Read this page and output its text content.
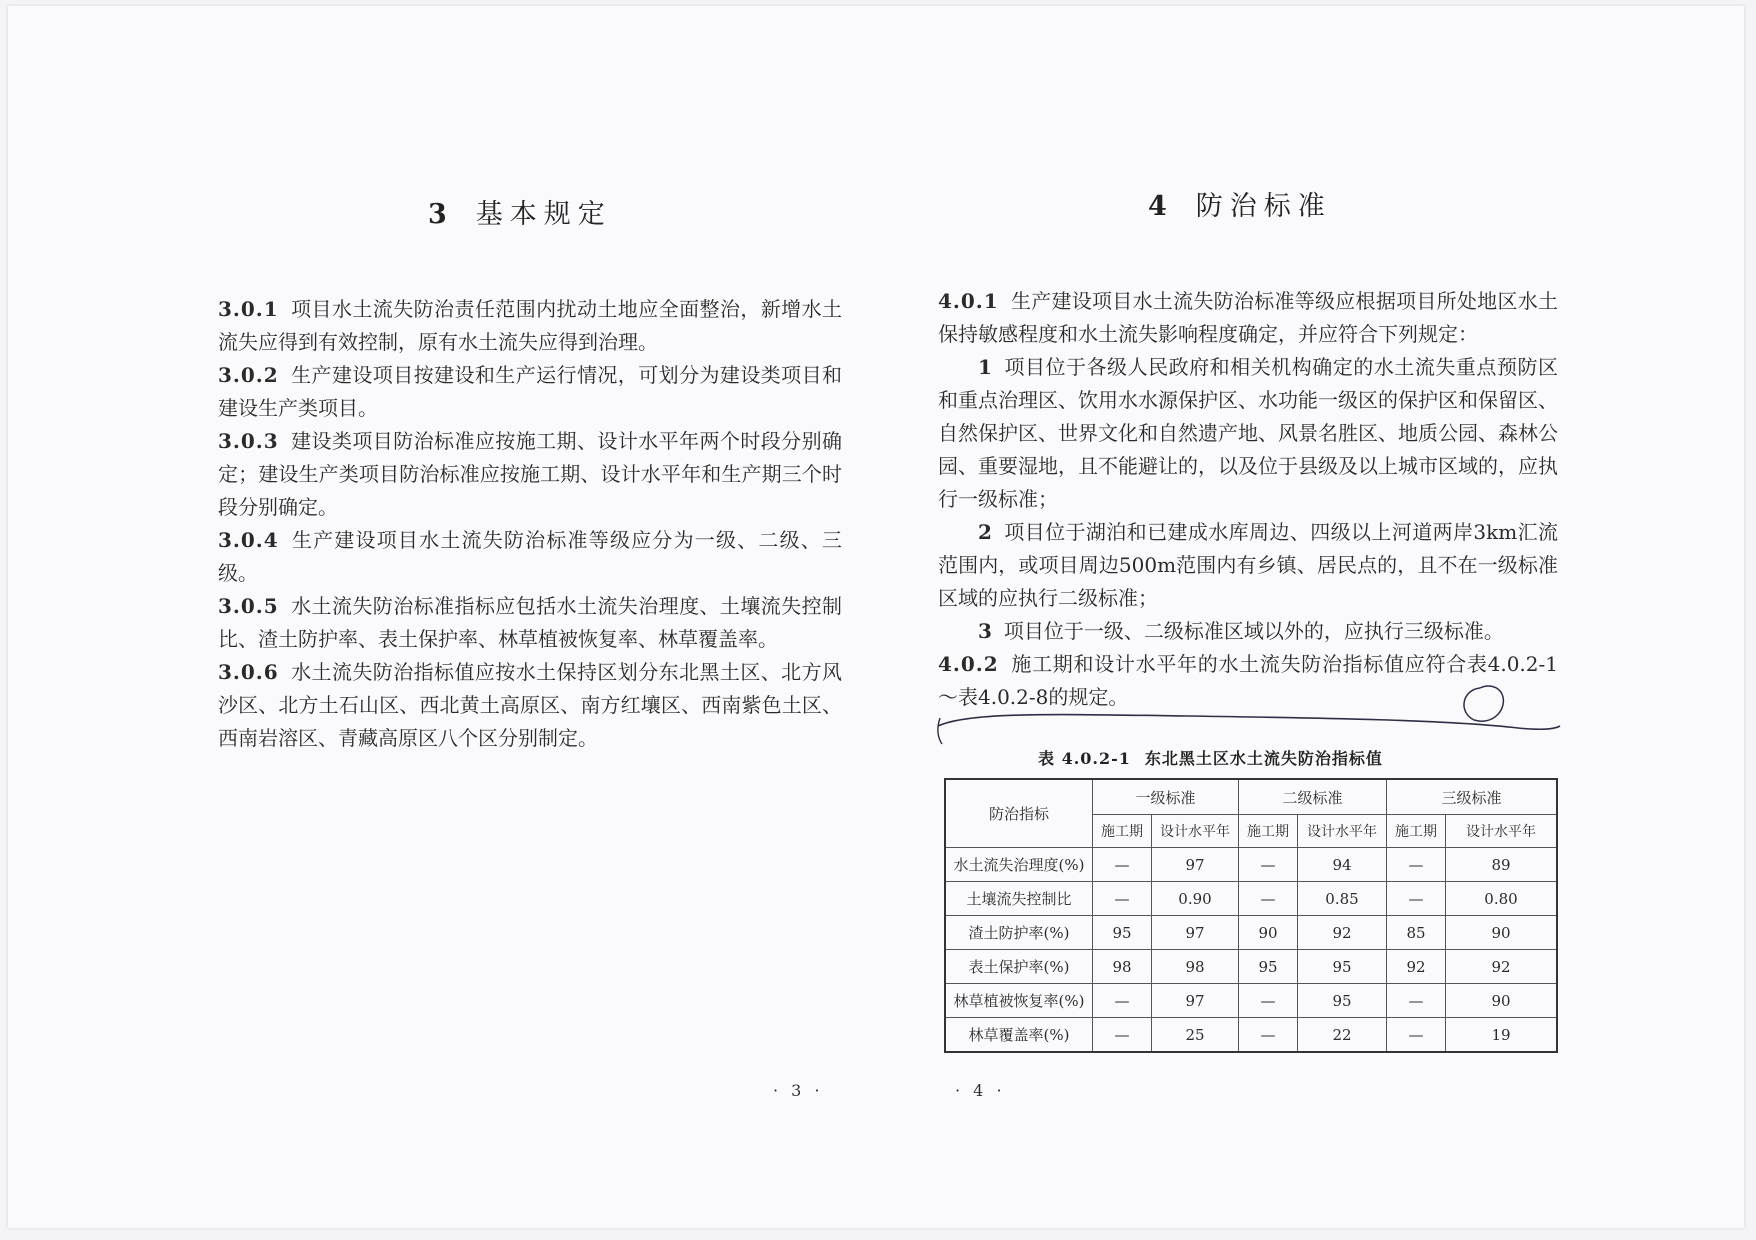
3 基本规定

3.0.1 项目水土流失防治责任范围内扰动土地应全面整治，新增水土流失应得到有效控制，原有水土流失应得到治理。

3.0.2 生产建设项目按建设和生产运行情况，可划分为建设类项目和建设生产类项目。

3.0.3 建设类项目防治标准应按施工期、设计水平年两个时段分别确定；建设生产类项目防治标准应按施工期、设计水平年和生产期三个时段分别确定。

3.0.4 生产建设项目水土流失防治标准等级应分为一级、二级、三级。

3.0.5 水土流失防治标准指标应包括水土流失治理度、土壤流失控制比、渣土防护率、表土保护率、林草植被恢复率、林草覆盖率。

3.0.6 水土流失防治指标值应按水土保持区划分东北黑土区、北方风沙区、北方土石山区、西北黄土高原区、南方红壤区、西南紫色土区、西南岩溶区、青藏高原区八个区分别制定。

· 3 ·
4 防治标准

4.0.1 生产建设项目水土流失防治标准等级应根据项目所处地区水土保持敏感程度和水土流失影响程度确定，并应符合下列规定：

1 项目位于各级人民政府和相关机构确定的水土流失重点预防区和重点治理区、饮用水水源保护区、水功能一级区的保护区和保留区、自然保护区、世界文化和自然遗产地、风景名胜区、地质公园、森林公园、重要湿地，且不能避让的，以及位于县级及以上城市区域的，应执行一级标准；

2 项目位于湖泊和已建成水库周边、四级以上河道两岸3km汇流范围内，或项目周边500m范围内有乡镇、居民点的，且不在一级标准区域的应执行二级标准；

3 项目位于一级、二级标准区域以外的，应执行三级标准。

4.0.2 施工期和设计水平年的水土流失防治指标值应符合表4.0.2-1～表4.0.2-8的规定。

表 4.0.2-1 东北黑土区水土流失防治指标值
防治指标	一级标准		二级标准		三级标准	
	施工期	设计水平年	施工期	设计水平年	施工期	设计水平年
水土流失治理度(%)	—	97	—	94	—	89
土壤流失控制比	—	0.90	—	0.85	—	0.80
渣土防护率(%)	95	97	90	92	85	90
表土保护率(%)	98	98	95	95	92	92
林草植被恢复率(%)	—	97	—	95	—	90
林草覆盖率(%)	—	25	—	22	—	19
· 4 ·
